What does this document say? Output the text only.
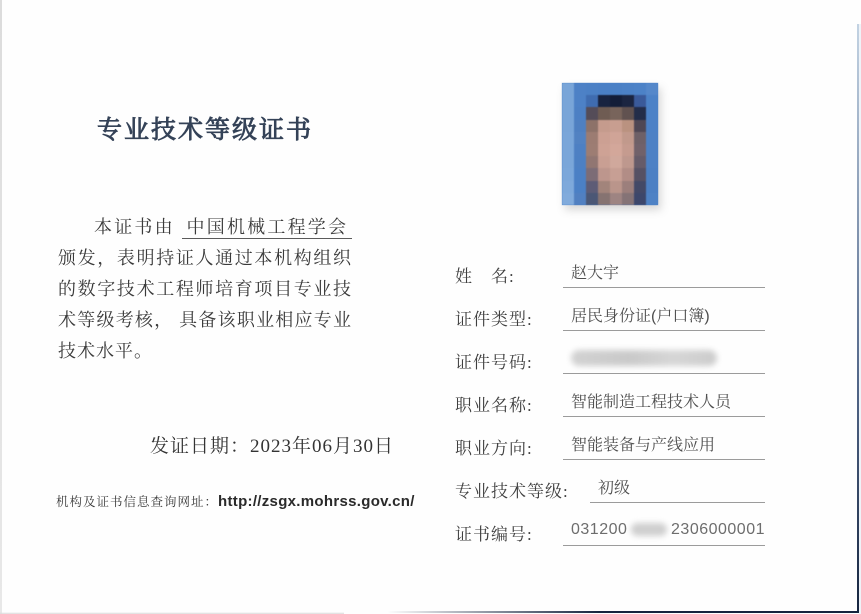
专业技术等级证书

本证书由 中国机械工程学会 颁发，表明持证人通过本机构组织的数字技术工程师培育项目专业技术等级考核， 具备该职业相应专业技术水平。

发证日期：2023年06月30日
机构及证书信息查询网址：http://zsgx.mohrss.gov.cn/
姓　名:	赵大宇
证件类型:	居民身份证(户口簿)
证件号码:
职业名称:	智能制造工程技术人员
职业方向:	智能装备与产线应用
专业技术等级:	初级
证书编号: 031200	2306000001
